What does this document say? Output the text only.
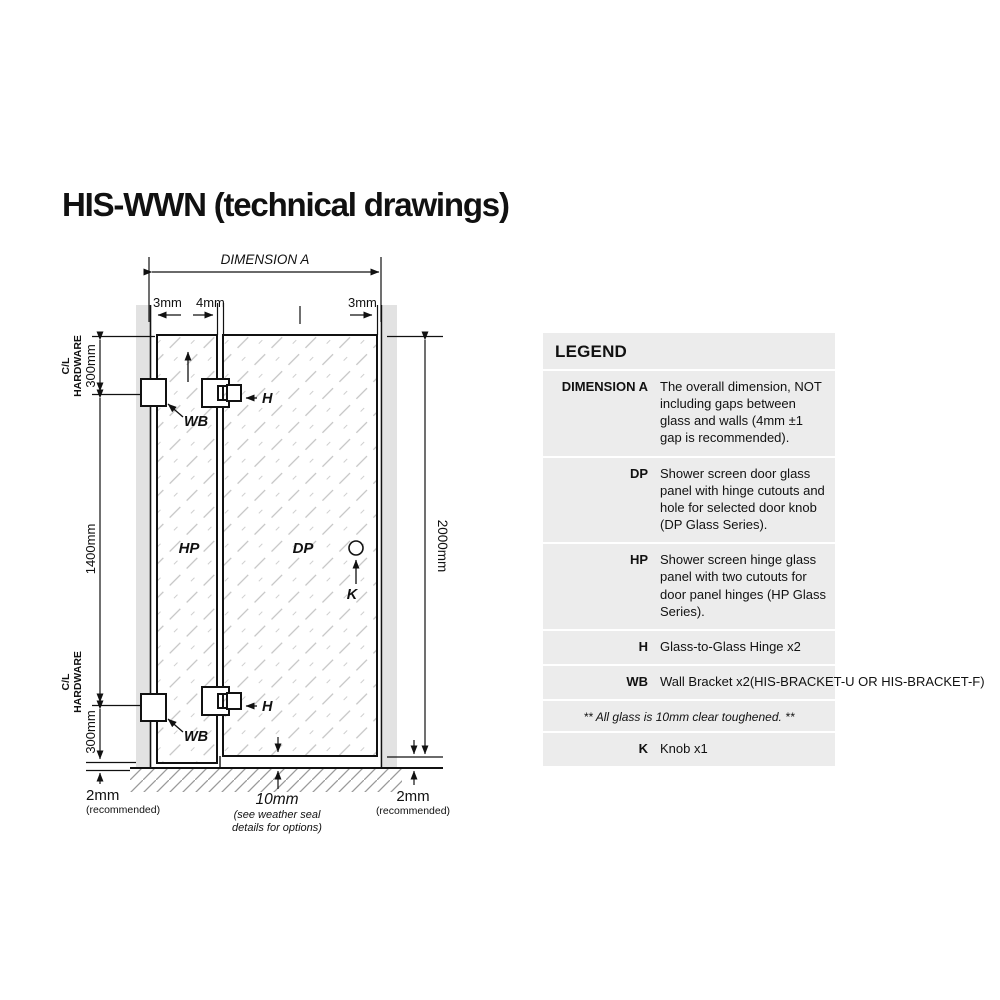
HIS-WWN (technical drawings)
DIMENSION A
3mm 4mm	3mm
HP	DP
K
H
H
WB
WB
C/L HARDWARE 300mm
1400mm
C/L HARDWARE
300mm
2mm
(recommended)
2000mm
2mm
(recommended)
10mm
(see weather seal
details for options)
LEGEND
DIMENSION A The overall dimension, NOT including gaps between glass and walls (4mm ±1 gap is recommended).
DP Shower screen door glass panel with hinge cutouts and hole for selected door knob (DP Glass Series).
HP Shower screen hinge glass panel with two cutouts for door panel hinges (HP Glass Series).
H Glass-to-Glass Hinge x2
WB Wall Bracket x2(HIS-BRACKET-U OR HIS-BRACKET-F)
K Knob x1
** All glass is 10mm clear toughened. **
